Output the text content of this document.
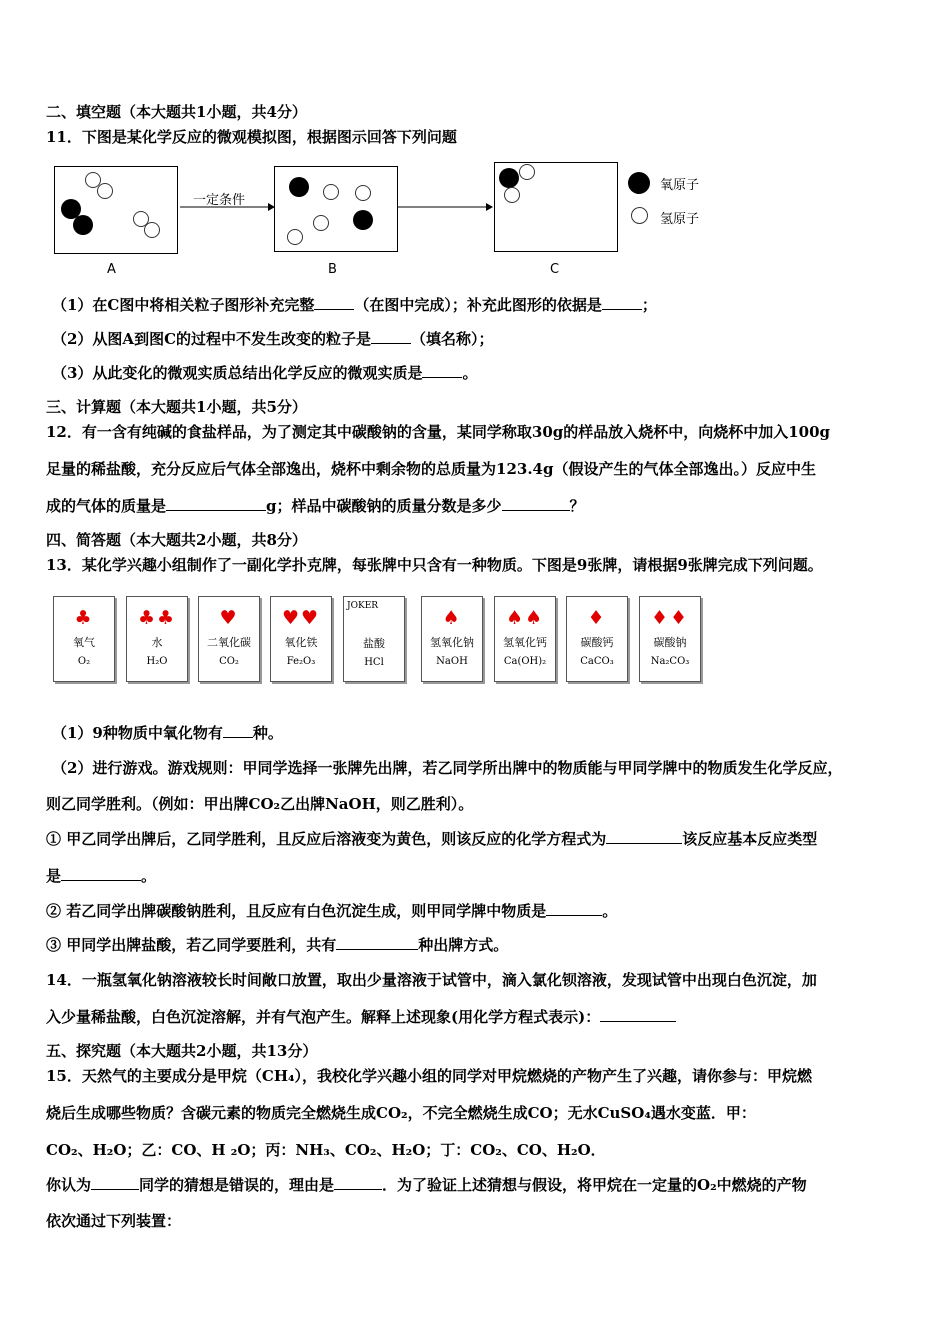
二、填空题（本大题共1小题，共4分）
11．下图是某化学反应的微观模拟图，根据图示回答下列问题
一定条件
氧原子
氢原子
A	B	C
（1）在C图中将相关粒子图形补充完整	（在图中完成）；补充此图形的依据是	；
（2）从图A到图C的过程中不发生改变的粒子是	（填名称）；
（3）从此变化的微观实质总结出化学反应的微观实质是	。
三、计算题（本大题共1小题，共5分）
12．有一含有纯碱的食盐样品，为了测定其中碳酸钠的含量，某同学称取30g的样品放入烧杯中，向烧杯中加入100g
足量的稀盐酸，充分反应后气体全部逸出，烧杯中剩余物的总质量为123.4g（假设产生的气体全部逸出。）反应中生
成的气体的质量是	g；样品中碳酸钠的质量分数是多少	？
四、简答题（本大题共2小题，共8分）
13．某化学兴趣小组制作了一副化学扑克牌，每张牌中只含有一种物质。下图是9张牌，请根据9张牌完成下列问题。
♣
氧气
O₂
♣♣
水
H₂O
♥
二氧化碳
CO₂
♥♥
氧化铁
Fe₂O₃
JOKER
盐酸
HCl
♠
氢氧化钠
NaOH
♠♠
氢氧化钙
Ca(OH)₂
♦
碳酸钙
CaCO₃
♦♦
碳酸钠
Na₂CO₃
（1）9种物质中氧化物有 种。
（2）进行游戏。游戏规则：甲同学选择一张牌先出牌，若乙同学所出牌中的物质能与甲同学牌中的物质发生化学反应，
则乙同学胜利。（例如：甲出牌CO₂乙出牌NaOH，则乙胜利）。
① 甲乙同学出牌后，乙同学胜利，且反应后溶液变为黄色，则该反应的化学方程式为	该反应基本反应类型
是	。
② 若乙同学出牌碳酸钠胜利，且反应有白色沉淀生成，则甲同学牌中物质是	。
③ 甲同学出牌盐酸，若乙同学要胜利，共有	种出牌方式。
14．一瓶氢氧化钠溶液较长时间敞口放置，取出少量溶液于试管中，滴入氯化钡溶液，发现试管中出现白色沉淀，加
入少量稀盐酸，白色沉淀溶解，并有气泡产生。解释上述现象(用化学方程式表示)：
五、探究题（本大题共2小题，共13分）
15．天然气的主要成分是甲烷（CH₄），我校化学兴趣小组的同学对甲烷燃烧的产物产生了兴趣，请你参与：甲烷燃
烧后生成哪些物质？含碳元素的物质完全燃烧生成CO₂，不完全燃烧生成CO；无水CuSO₄遇水变蓝．甲：
CO₂、H₂O；乙：CO、H ₂O；丙：NH₃、CO₂、H₂O；丁：CO₂、CO、H₂O．
你认为	同学的猜想是错误的，理由是	．为了验证上述猜想与假设，将甲烷在一定量的O₂中燃烧的产物
依次通过下列装置：
